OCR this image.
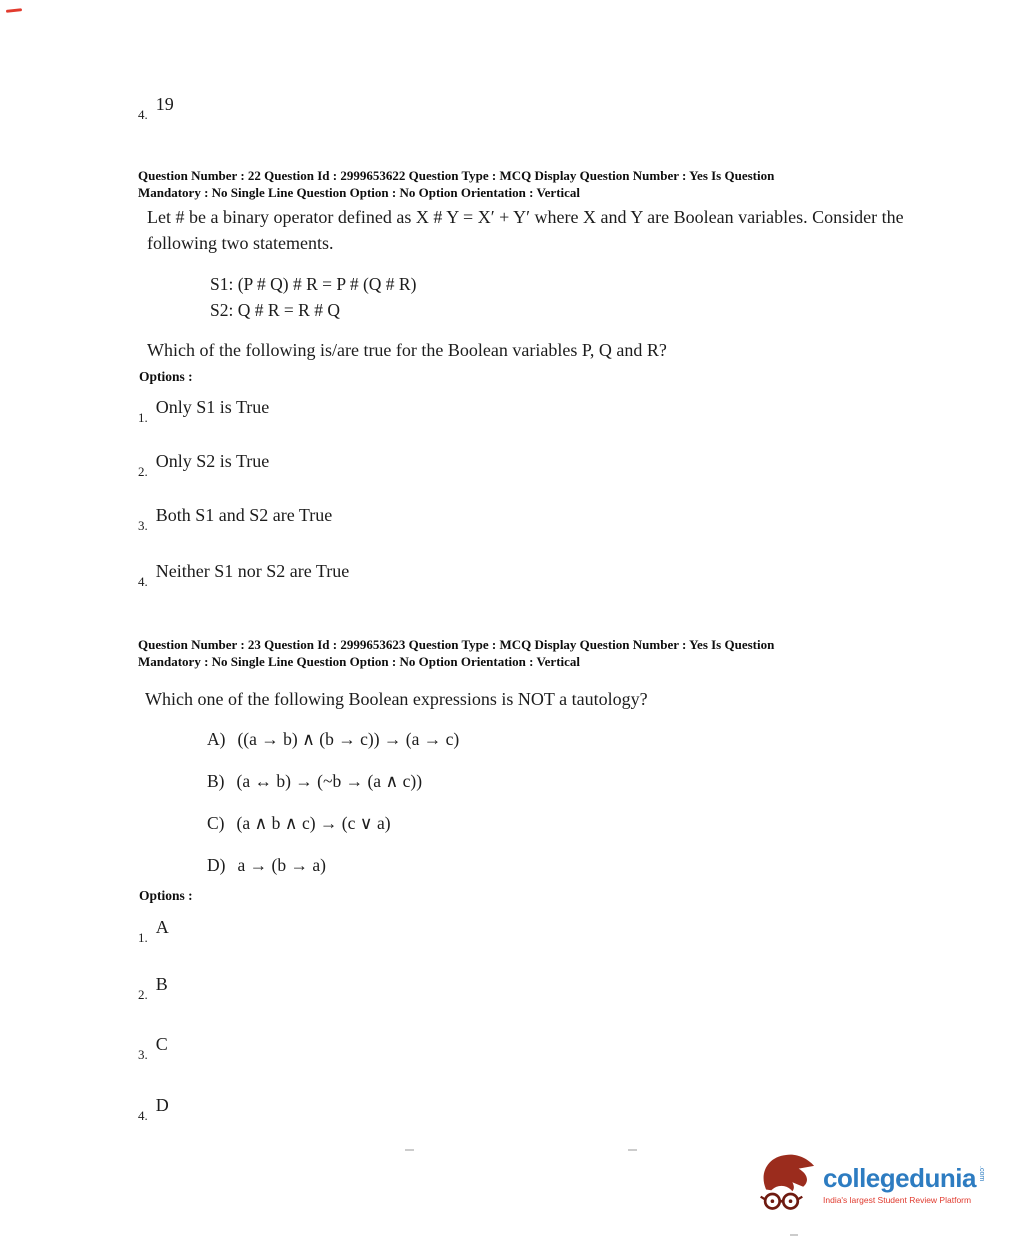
4.
19
Question Number : 22 Question Id : 2999653622 Question Type : MCQ Display Question Number : Yes Is Question
Mandatory : No Single Line Question Option : No Option Orientation : Vertical
Let # be a binary operator defined as X # Y = X′ + Y′ where X and Y are Boolean variables. Consider the following two statements.
S1: (P # Q) # R = P # (Q # R)
S2: Q # R = R # Q
Which of the following is/are true for the Boolean variables P, Q and R?
Options :
1.
Only S1 is True
2.
Only S2 is True
3.
Both S1 and S2 are True
4.
Neither S1 nor S2 are True
Question Number : 23 Question Id : 2999653623 Question Type : MCQ Display Question Number : Yes Is Question
Mandatory : No Single Line Question Option : No Option Orientation : Vertical
Which one of the following Boolean expressions is NOT a tautology?
A) ((a → b) ∧ (b → c)) → (a → c)
B) (a ↔ b) → (~b → (a ∧ c))
C) (a ∧ b ∧ c) → (c ∨ a)
D) a → (b → a)
Options :
1.
A
2.
B
3.
C
4.
D
collegedunia .com
India's largest Student Review Platform
